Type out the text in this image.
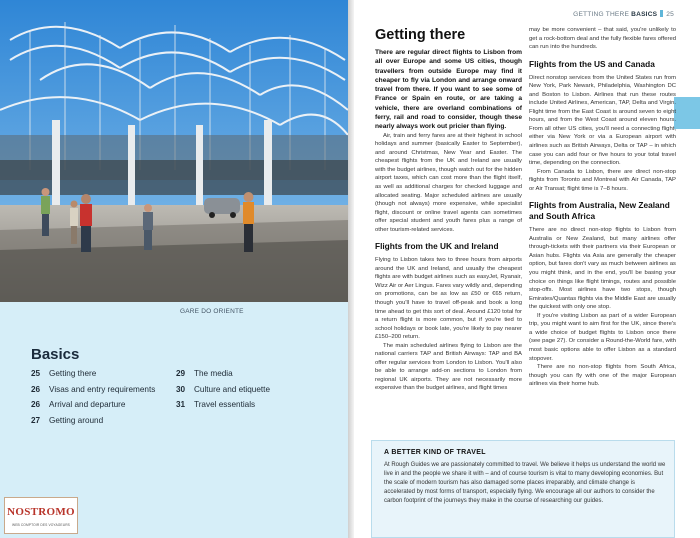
GARE DO ORIENTE
Basics
25	Getting there
26	Visas and entry requirements
26	Arrival and departure
27	Getting around
29	The media
30	Culture and etiquette
31	Travel essentials
NOSTROMO
WEB COMPTOIR DES VOYAGEURS
GETTING THERE BASICS 25
Getting there

There are regular direct flights to Lisbon from all over Europe and some US cities, though travellers from outside Europe may find it cheaper to fly via London and arrange onward travel from there. If you want to see some of France or Spain en route, or are taking a vehicle, there are overland combinations of ferry, rail and road to consider, though these nearly always work out pricier than flying.

Air, train and ferry fares are at their highest in school holidays and summer (basically Easter to September), and around Christmas, New Year and Easter. The cheapest flights from the UK and Ireland are usually with the budget airlines, though watch out for the hidden airport taxes, which can cost more than the flight itself, as well as additional charges for checked luggage and allocated seating. Major scheduled airlines are usually (though not always) more expensive, while specialist flight, discount or online travel agents can sometimes offer special student and youth fares plus a range of other tourism-related services.

Flights from the UK and Ireland

Flying to Lisbon takes two to three hours from airports around the UK and Ireland, and usually the cheapest flights are with budget airlines such as easyJet, Ryanair, Wizz Air or Aer Lingus. Fares vary wildly and, depending on promotions, can be as low as £50 or €65 return, though you'll have to travel off-peak and book a long time ahead to get this sort of deal. Around £120 total for a return flight is more common, but if you're tied to school holidays or book late, you're likely to pay nearer £150–200 return.

The main scheduled airlines flying to Lisbon are the national carriers TAP and British Airways: TAP and BA offer regular services from London to Lisbon. You'll also be able to arrange add-on sections to London from regional UK airports. They are not necessarily more expensive than the budget airlines, and flight times

may be more convenient – that said, you're unlikely to get a rock-bottom deal and the fully flexible fares offered can run into the hundreds.

Flights from the US and Canada

Direct nonstop services from the United States run from New York, Park Newark, Philadelphia, Washington DC and Boston to Lisbon. Airlines that run these routes include United Airlines, American, TAP, Delta and Virgin. Flight time from the East Coast is around seven to eight hours, and from the West Coast around eleven hours. From all other US cities, you'll need a connecting flight, either via New York or via a European airport with airlines such as British Airways, Delta or TAP – in which case you can add four or five hours to your total travel time, depending on the connection.

From Canada to Lisbon, there are direct non-stop flights from Toronto and Montreal with Air Canada, TAP or Air Transat; flight time is 7–8 hours.

Flights from Australia, New Zealand and South Africa

There are no direct non-stop flights to Lisbon from Australia or New Zealand, but many airlines offer through-tickets with their partners via their European or Asian hubs. Flights via Asia are generally the cheaper option, but fares don't vary as much between airlines as you might think, and in the end, you'll be basing your choice on things like flight timings, routes and possible stop-offs. Most airlines have two stops, though Emirates/Quantas flights via the Middle East are usually the quickest with only one stop.

If you're visiting Lisbon as part of a wider European trip, you might want to aim first for the UK, since there's a wide choice of budget flights to Lisbon once there (see page 27). Or consider a Round-the-World fare, with most basic options able to offer Lisbon as a standard stopover.

There are no non-stop flights from South Africa, though you can fly with one of the major European airlines via their home hub.

A BETTER KIND OF TRAVEL
At Rough Guides we are passionately committed to travel. We believe it helps us understand the world we live in and the people we share it with – and of course tourism is vital to many developing economies. But the scale of modern tourism has also damaged some places irreparably, and climate change is accelerated by most forms of transport, especially flying. We encourage all our authors to consider the carbon footprint of the journeys they make in the course of researching our guides.
